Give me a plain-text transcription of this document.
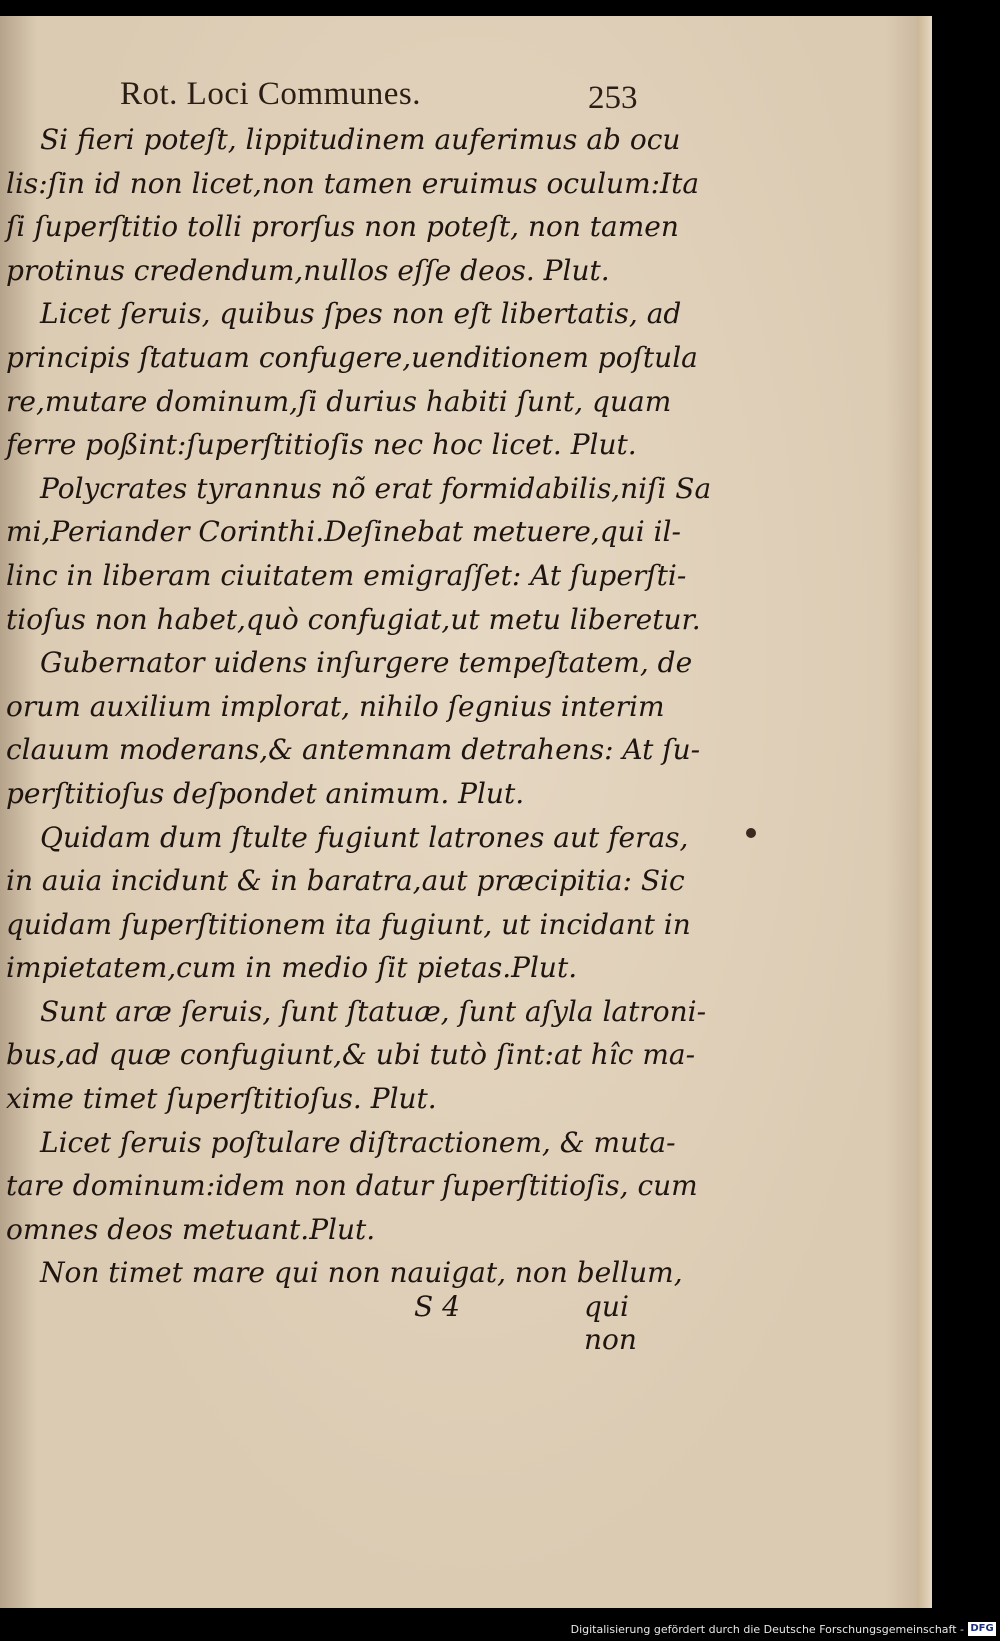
Rot. Loci Communes.	253
Si fieri poteſt, lippitudinem auferimus ab ocu
lis:ſin id non licet,non tamen eruimus oculum:Ita
ſi ſuperſtitio tolli prorſus non poteſt, non tamen
protinus credendum,nullos eſſe deos. Plut.
Licet ſeruis, quibus ſpes non eſt libertatis, ad
principis ſtatuam confugere,uenditionem poſtula
re,mutare dominum,ſi durius habiti ſunt, quam
ferre poßint:ſuperſtitioſis nec hoc licet. Plut.
Polycrates tyrannus nõ erat formidabilis,niſi Sa
mi,Periander Corinthi.Deſinebat metuere,qui il-
linc in liberam ciuitatem emigraſſet: At ſuperſti-
tioſus non habet,quò confugiat,ut metu liberetur.
Gubernator uidens inſurgere tempeſtatem, de
orum auxilium implorat, nihilo ſegnius interim
clauum moderans,& antemnam detrahens: At ſu-
perſtitioſus deſpondet animum. Plut.
Quidam dum ſtulte fugiunt latrones aut feras,
in auia incidunt & in baratra,aut præcipitia: Sic
quidam ſuperſtitionem ita fugiunt, ut incidant in
impietatem,cum in medio ſit pietas.Plut.
Sunt aræ ſeruis, ſunt ſtatuæ, ſunt aſyla latroni-
bus,ad quæ confugiunt,& ubi tutò ſint:at hîc ma-
xime timet ſuperſtitioſus. Plut.
Licet ſeruis poſtulare diſtractionem, & muta-
tare dominum:idem non datur ſuperſtitioſis, cum
omnes deos metuant.Plut.
Non timet mare qui non nauigat, non bellum,
S 4	qui non
Digitalisierung gefördert durch die Deutsche Forschungsgemeinschaft - DFG
